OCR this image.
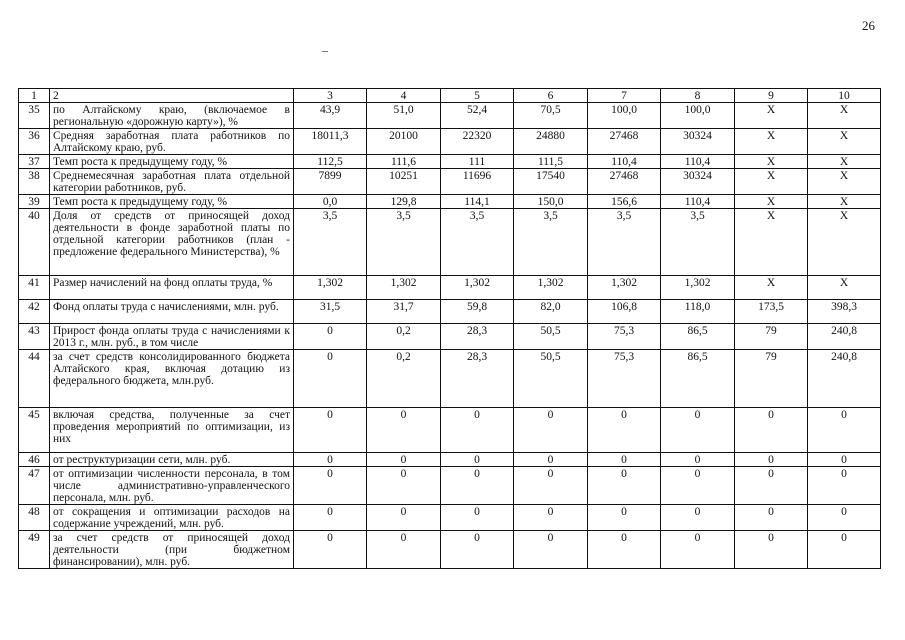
26
1	2	3	4	5	6	7	8	9	10
35	по Алтайскому краю, (включаемое в региональную «дорожную карту»), %	43,9	51,0	52,4	70,5	100,0	100,0	X	X
36	Средняя заработная плата работников по Алтайскому краю, руб.	18011,3	20100	22320	24880	27468	30324	X	X
37	Темп роста к предыдущему году, %	112,5	111,6	111	111,5	110,4	110,4	X	X
38	Среднемесячная заработная плата отдельной категории работников, руб.	7899	10251	11696	17540	27468	30324	X	X
39	Темп роста к предыдущему году, %	0,0	129,8	114,1	150,0	156,6	110,4	X	X
40	Доля от средств от приносящей доход деятельности в фонде заработной платы по отдельной категории работников (план - предложение федерального Министерства), %	3,5	3,5	3,5	3,5	3,5	3,5	X	X
41	Размер начислений на фонд оплаты труда, %	1,302	1,302	1,302	1,302	1,302	1,302	X	X
42	Фонд оплаты труда с начислениями, млн. руб.	31,5	31,7	59,8	82,0	106,8	118,0	173,5	398,3
43	Прирост фонда оплаты труда с начислениями к 2013 г., млн. руб., в том числе	0	0,2	28,3	50,5	75,3	86,5	79	240,8
44	за счет средств консолидированного бюджета Алтайского края, включая дотацию из федерального бюджета, млн.руб.	0	0,2	28,3	50,5	75,3	86,5	79	240,8
45	включая средства, полученные за счет проведения мероприятий по оптимизации, из них	0	0	0	0	0	0	0	0
46	от реструктуризации сети, млн. руб.	0	0	0	0	0	0	0	0
47	от оптимизации численности персонала, в том числе административно-управленческого персонала, млн. руб.	0	0	0	0	0	0	0	0
48	от сокращения и оптимизации расходов на содержание учреждений, млн. руб.	0	0	0	0	0	0	0	0
49	за счет средств от приносящей доход деятельности (при бюджетном финансировании), млн. руб.	0	0	0	0	0	0	0	0
